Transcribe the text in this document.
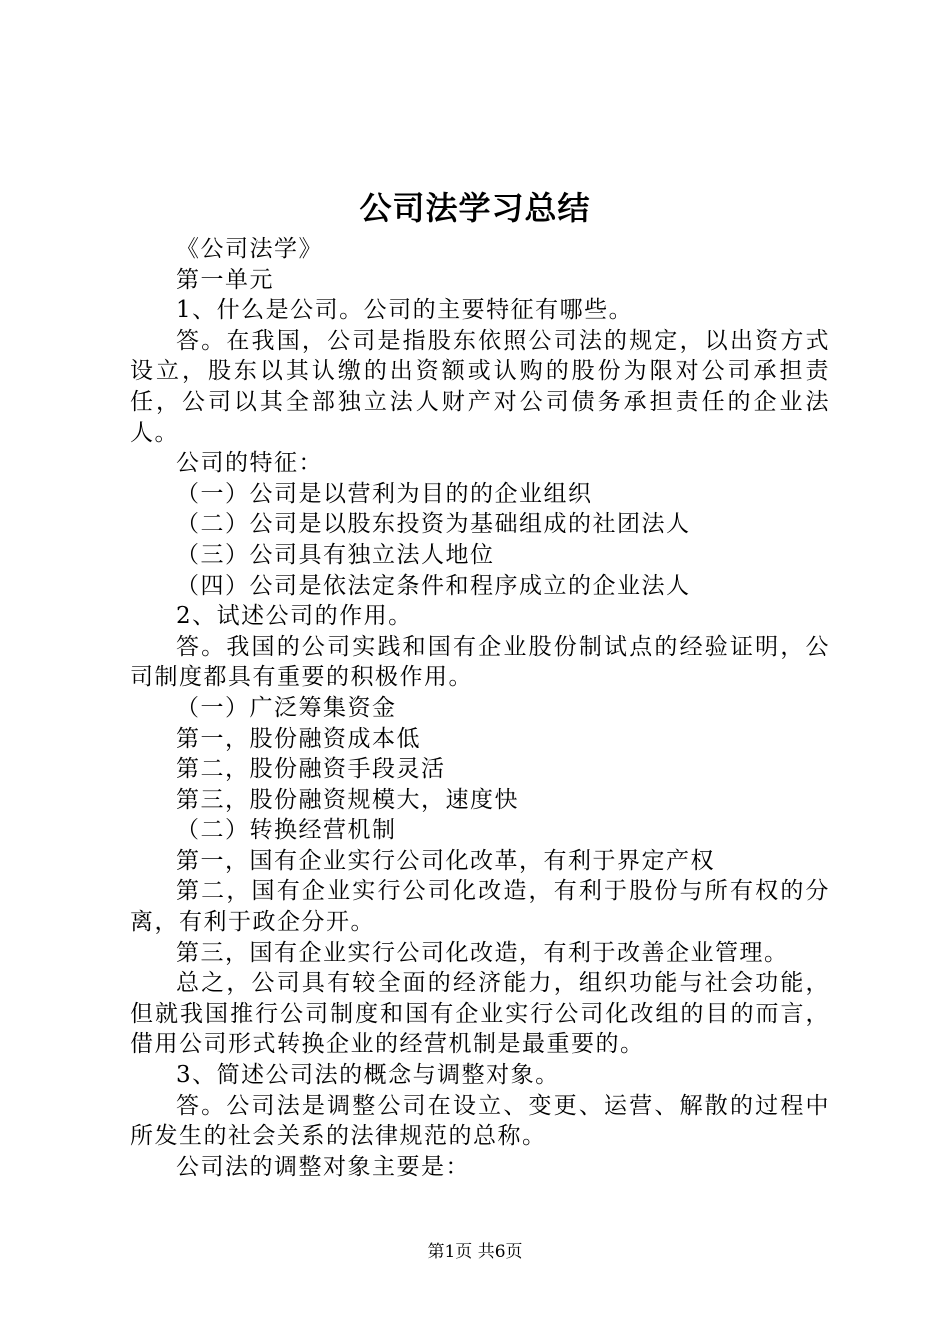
公司法学习总结

《公司法学》

第一单元

1、什么是公司。公司的主要特征有哪些。

答。在我国，公司是指股东依照公司法的规定，以出资方式设立，股东以其认缴的出资额或认购的股份为限对公司承担责任，公司以其全部独立法人财产对公司债务承担责任的企业法人。

公司的特征：

（一）公司是以营利为目的的企业组织

（二）公司是以股东投资为基础组成的社团法人

（三）公司具有独立法人地位

（四）公司是依法定条件和程序成立的企业法人

2、试述公司的作用。

答。我国的公司实践和国有企业股份制试点的经验证明，公司制度都具有重要的积极作用。

（一）广泛筹集资金

第一，股份融资成本低

第二，股份融资手段灵活

第三，股份融资规模大，速度快

（二）转换经营机制

第一，国有企业实行公司化改革，有利于界定产权

第二，国有企业实行公司化改造，有利于股份与所有权的分离，有利于政企分开。

第三，国有企业实行公司化改造，有利于改善企业管理。

总之，公司具有较全面的经济能力，组织功能与社会功能，但就我国推行公司制度和国有企业实行公司化改组的目的而言，借用公司形式转换企业的经营机制是最重要的。

3、简述公司法的概念与调整对象。

答。公司法是调整公司在设立、变更、运营、解散的过程中所发生的社会关系的法律规范的总称。

公司法的调整对象主要是：

第1页 共6页
